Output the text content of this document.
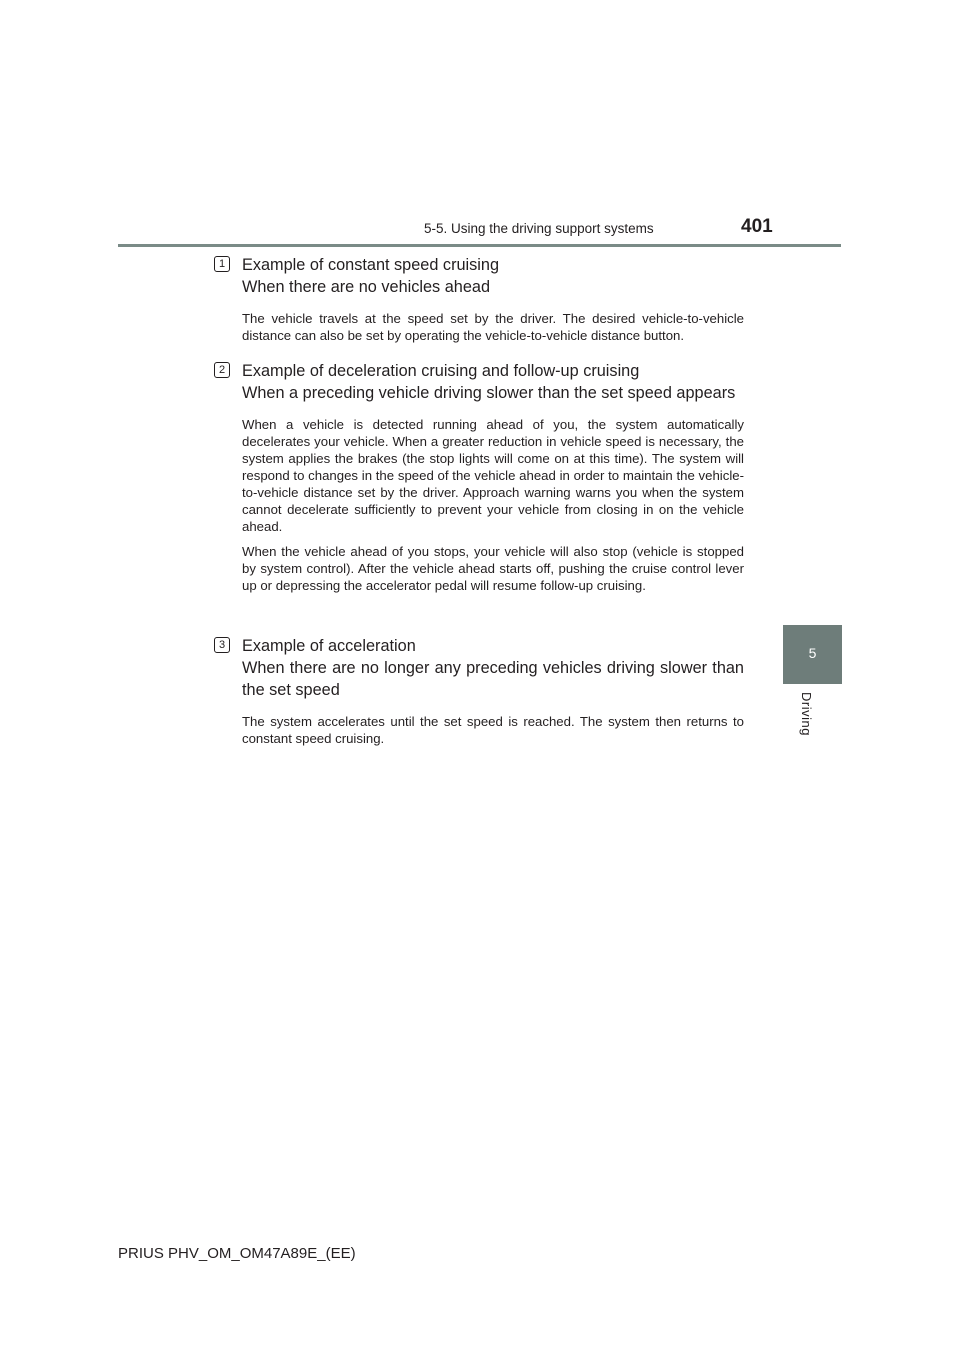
5-5. Using the driving support systems	401
5
Driving
1	Example of constant speed cruising
When there are no vehicles ahead

The vehicle travels at the speed set by the driver. The desired vehicle-to-vehicle distance can also be set by operating the vehicle-to-vehicle distance button.

2	Example of deceleration cruising and follow-up cruising
When a preceding vehicle driving slower than the set speed appears

When a vehicle is detected running ahead of you, the system automatically decelerates your vehicle. When a greater reduction in vehicle speed is necessary, the system applies the brakes (the stop lights will come on at this time). The system will respond to changes in the speed of the vehicle ahead in order to maintain the vehicle-to-vehicle distance set by the driver. Approach warning warns you when the system cannot decelerate sufficiently to prevent your vehicle from closing in on the vehicle ahead.

When the vehicle ahead of you stops, your vehicle will also stop (vehicle is stopped by system control). After the vehicle ahead starts off, pushing the cruise control lever up or depressing the accelerator pedal will resume follow-up cruising.

3	Example of acceleration
When there are no longer any preceding vehicles driving slower than the set speed

The system accelerates until the set speed is reached. The system then returns to constant speed cruising.

PRIUS PHV_OM_OM47A89E_(EE)
